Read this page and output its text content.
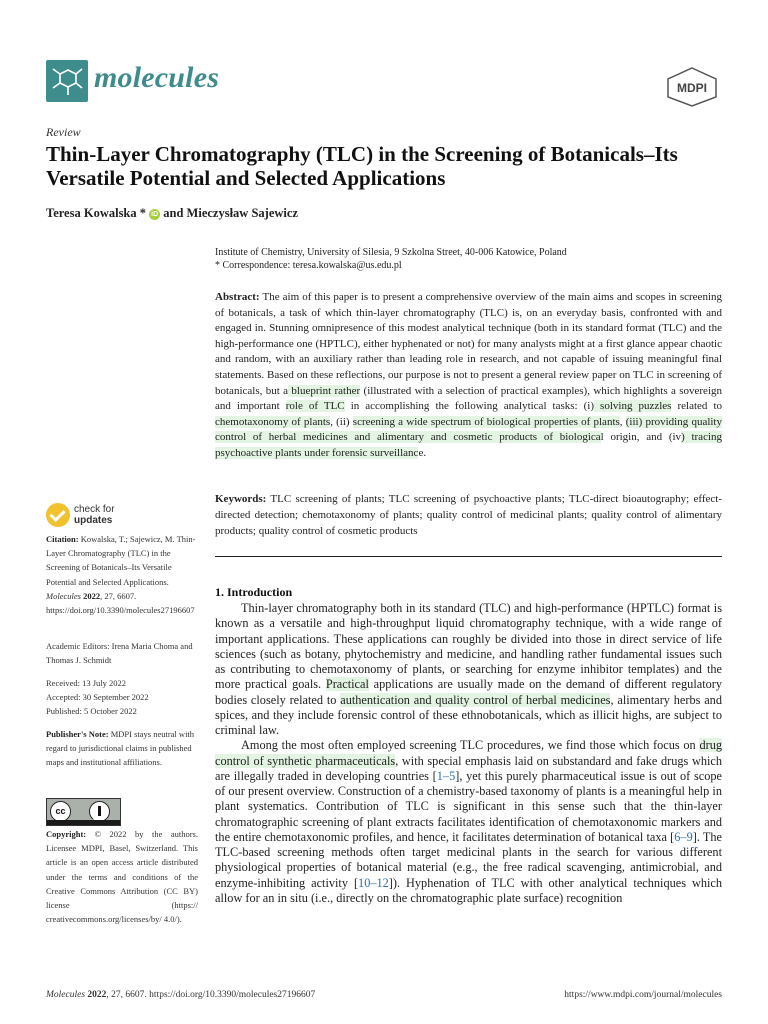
molecules	MDPI
Review
Thin-Layer Chromatography (TLC) in the Screening of Botanicals–Its Versatile Potential and Selected Applications
Teresa Kowalska * iD and Mieczysław Sajewicz
Institute of Chemistry, University of Silesia, 9 Szkolna Street, 40-006 Katowice, Poland
* Correspondence: teresa.kowalska@us.edu.pl

Abstract: The aim of this paper is to present a comprehensive overview of the main aims and scopes in screening of botanicals, a task of which thin-layer chromatography (TLC) is, on an everyday basis, confronted with and engaged in. Stunning omnipresence of this modest analytical technique (both in its standard format (TLC) and the high-performance one (HPTLC), either hyphenated or not) for many analysts might at a first glance appear chaotic and random, with an auxiliary rather than leading role in research, and not capable of issuing meaningful final statements. Based on these reflections, our purpose is not to present a general review paper on TLC in screening of botanicals, but a blueprint rather (illustrated with a selection of practical examples), which highlights a sovereign and important role of TLC in accomplishing the following analytical tasks: (i) solving puzzles related to chemotaxonomy of plants, (ii) screening a wide spectrum of biological properties of plants, (iii) providing quality control of herbal medicines and alimentary and cosmetic products of biological origin, and (iv) tracing psychoactive plants under forensic surveillance.

Keywords: TLC screening of plants; TLC screening of psychoactive plants; TLC-direct bioautography; effect-directed detection; chemotaxonomy of plants; quality control of medicinal plants; quality control of alimentary products; quality control of cosmetic products

check for
updates
Citation: Kowalska, T.; Sajewicz, M. Thin-Layer Chromatography (TLC) in the Screening of Botanicals–Its Versatile Potential and Selected Applications. Molecules 2022, 27, 6607. https://doi.org/10.3390/molecules27196607
Academic Editors: Irena Maria Choma and Thomas J. Schmidt
Received: 13 July 2022
Accepted: 30 September 2022
Published: 5 October 2022
Publisher's Note: MDPI stays neutral with regard to jurisdictional claims in published maps and institutional affiliations.
cc
Copyright: © 2022 by the authors. Licensee MDPI, Basel, Switzerland. This article is an open access article distributed under the terms and conditions of the Creative Commons Attribution (CC BY) license (https:// creativecommons.org/licenses/by/ 4.0/).
1. Introduction

Thin-layer chromatography both in its standard (TLC) and high-performance (HPTLC) format is known as a versatile and high-throughput liquid chromatography technique, with a wide range of important applications. These applications can roughly be divided into those in direct service of life sciences (such as botany, phytochemistry and medicine, and handling rather fundamental issues such as contributing to chemotaxonomy of plants, or searching for enzyme inhibitor templates) and the more practical goals. Practical applications are usually made on the demand of different regulatory bodies closely related to authentication and quality control of herbal medicines, alimentary herbs and spices, and they include forensic control of these ethnobotanicals, which as illicit highs, are subject to criminal law.

Among the most often employed screening TLC procedures, we find those which focus on drug control of synthetic pharmaceuticals, with special emphasis laid on substandard and fake drugs which are illegally traded in developing countries [1–5], yet this purely pharmaceutical issue is out of scope of our present overview. Construction of a chemistry-based taxonomy of plants is a meaningful help in plant systematics. Contribution of TLC is significant in this sense such that the thin-layer chromatographic screening of plant extracts facilitates identification of chemotaxonomic markers and the entire chemotaxonomic profiles, and hence, it facilitates determination of botanical taxa [6–9]. The TLC-based screening methods often target medicinal plants in the search for various different physiological properties of botanical material (e.g., the free radical scavenging, antimicrobial, and enzyme-inhibiting activity [10–12]). Hyphenation of TLC with other analytical techniques which allow for an in situ (i.e., directly on the chromatographic plate surface) recognition

Molecules 2022, 27, 6607. https://doi.org/10.3390/molecules27196607	https://www.mdpi.com/journal/molecules
